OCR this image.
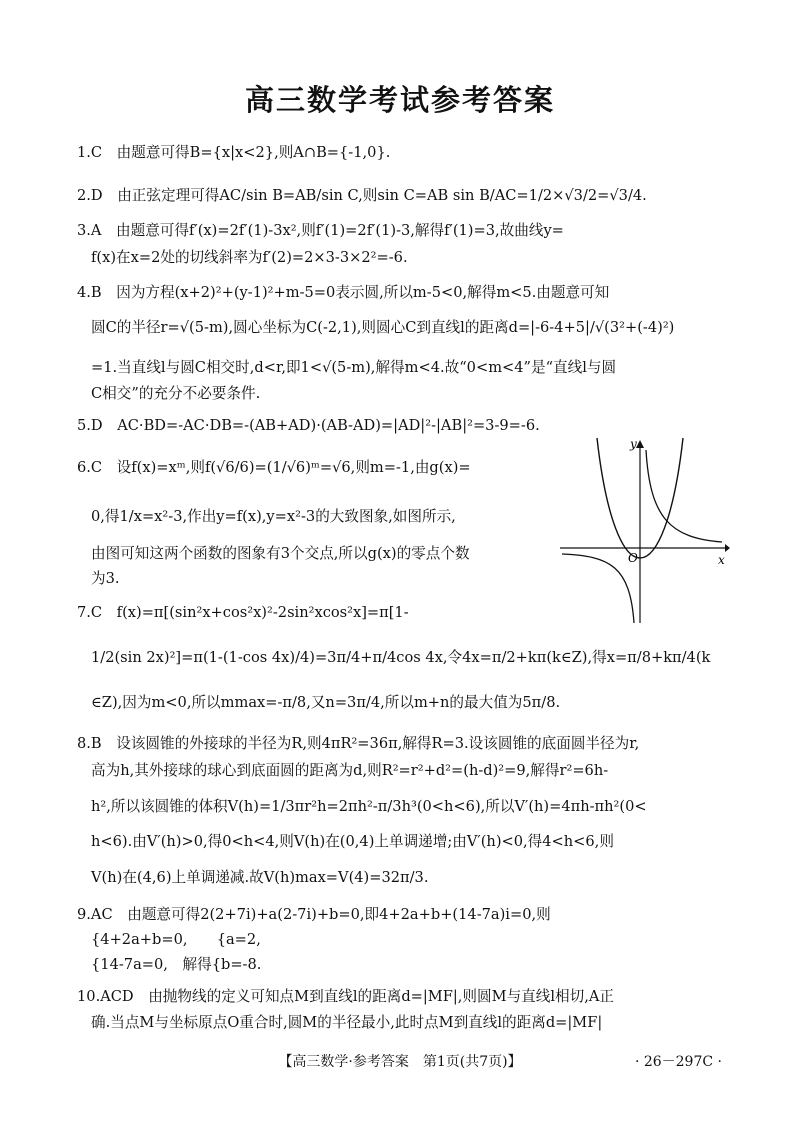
高三数学考试参考答案
1.C　由题意可得B={x|x<2},则A∩B={-1,0}.
2.D　由正弦定理可得AC/sin B=AB/sin C,则sin C=AB sin B/AC=1/2×√3/2=√3/4.
3.A　由题意可得f′(x)=2f′(1)-3x²,则f′(1)=2f′(1)-3,解得f′(1)=3,故曲线y=
f(x)在x=2处的切线斜率为f′(2)=2×3-3×2²=-6.
4.B　因为方程(x+2)²+(y-1)²+m-5=0表示圆,所以m-5<0,解得m<5.由题意可知
圆C的半径r=√(5-m),圆心坐标为C(-2,1),则圆心C到直线l的距离d=|-6-4+5|/√(3²+(-4)²)
=1.当直线l与圆C相交时,d<r,即1<√(5-m),解得m<4.故“0<m<4”是“直线l与圆
C相交”的充分不必要条件.
5.D　AC·BD=-AC·DB=-(AB+AD)·(AB-AD)=|AD|²-|AB|²=3-9=-6.
6.C　设f(x)=xᵐ,则f(√6/6)=(1/√6)ᵐ=√6,则m=-1,由g(x)=
0,得1/x=x²-3,作出y=f(x),y=x²-3的大致图象,如图所示,
由图可知这两个函数的图象有3个交点,所以g(x)的零点个数
为3.
7.C　f(x)=π[(sin²x+cos²x)²-2sin²xcos²x]=π[1-
1/2(sin 2x)²]=π(1-(1-cos 4x)/4)=3π/4+π/4cos 4x,令4x=π/2+kπ(k∈Z),得x=π/8+kπ/4(k
∈Z),因为m<0,所以mmax=-π/8,又n=3π/4,所以m+n的最大值为5π/8.
8.B　设该圆锥的外接球的半径为R,则4πR²=36π,解得R=3.设该圆锥的底面圆半径为r,
高为h,其外接球的球心到底面圆的距离为d,则R²=r²+d²=(h-d)²=9,解得r²=6h-
h²,所以该圆锥的体积V(h)=1/3πr²h=2πh²-π/3h³(0<h<6),所以V′(h)=4πh-πh²(0<
h<6).由V′(h)>0,得0<h<4,则V(h)在(0,4)上单调递增;由V′(h)<0,得4<h<6,则
V(h)在(4,6)上单调递减.故V(h)max=V(4)=32π/3.
9.AC　由题意可得2(2+7i)+a(2-7i)+b=0,即4+2a+b+(14-7a)i=0,则
{4+2a+b=0,　　{a=2,
{14-7a=0,　解得{b=-8.
10.ACD　由抛物线的定义可知点M到直线l的距离d=|MF|,则圆M与直线l相切,A正
确.当点M与坐标原点O重合时,圆M的半径最小,此时点M到直线l的距离d=|MF|
y
x
O
【高三数学·参考答案　第1页(共7页)】	· 26－297C ·
